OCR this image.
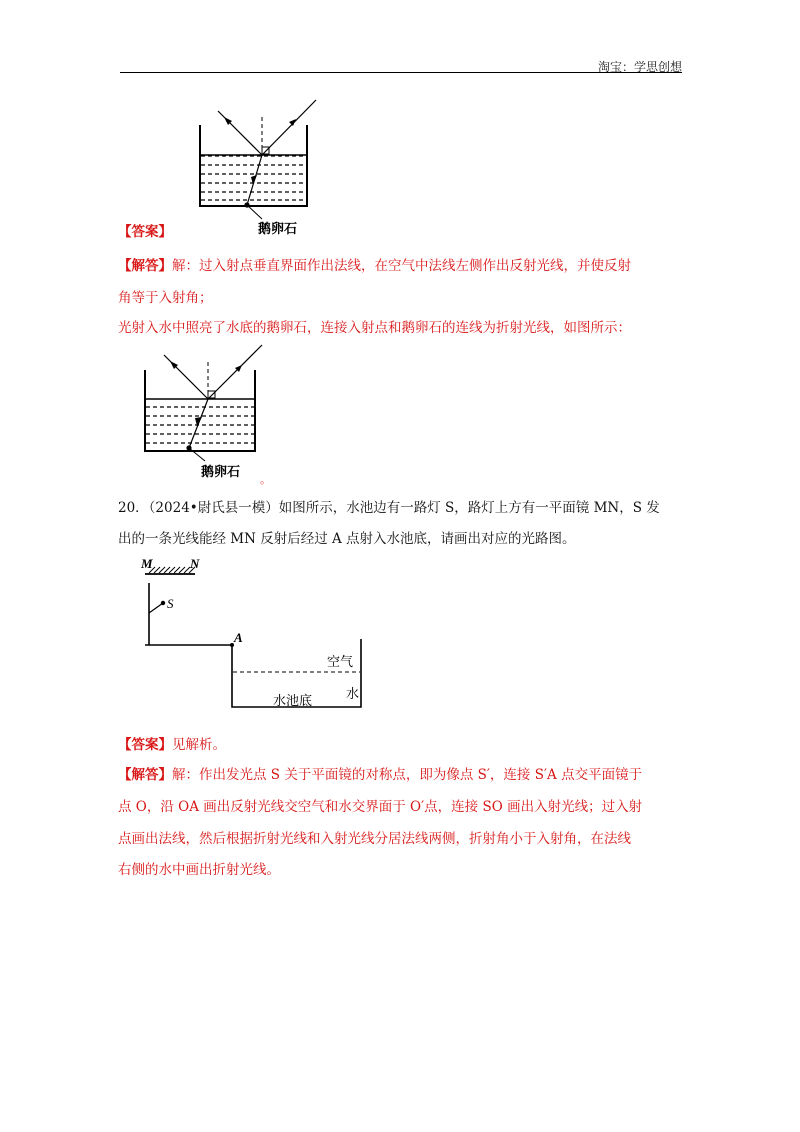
淘宝：学思创想
鹅卵石
【答案】
【解答】解：过入射点垂直界面作出法线，在空气中法线左侧作出反射光线，并使反射
角等于入射角；
光射入水中照亮了水底的鹅卵石，连接入射点和鹅卵石的连线为折射光线，如图所示：
鹅卵石 。
20．（2024•尉氏县一模）如图所示，水池边有一路灯 S，路灯上方有一平面镜 MN，S 发
出的一条光线能经 MN 反射后经过 A 点射入水池底，请画出对应的光路图。
M	N
S
A
空气
水
水池底
【答案】见解析。
【解答】解：作出发光点 S 关于平面镜的对称点，即为像点 S′，连接 S′A 点交平面镜于
点 O，沿 OA 画出反射光线交空气和水交界面于 O′点，连接 SO 画出入射光线；过入射
点画出法线，然后根据折射光线和入射光线分居法线两侧，折射角小于入射角，在法线
右侧的水中画出折射光线。
